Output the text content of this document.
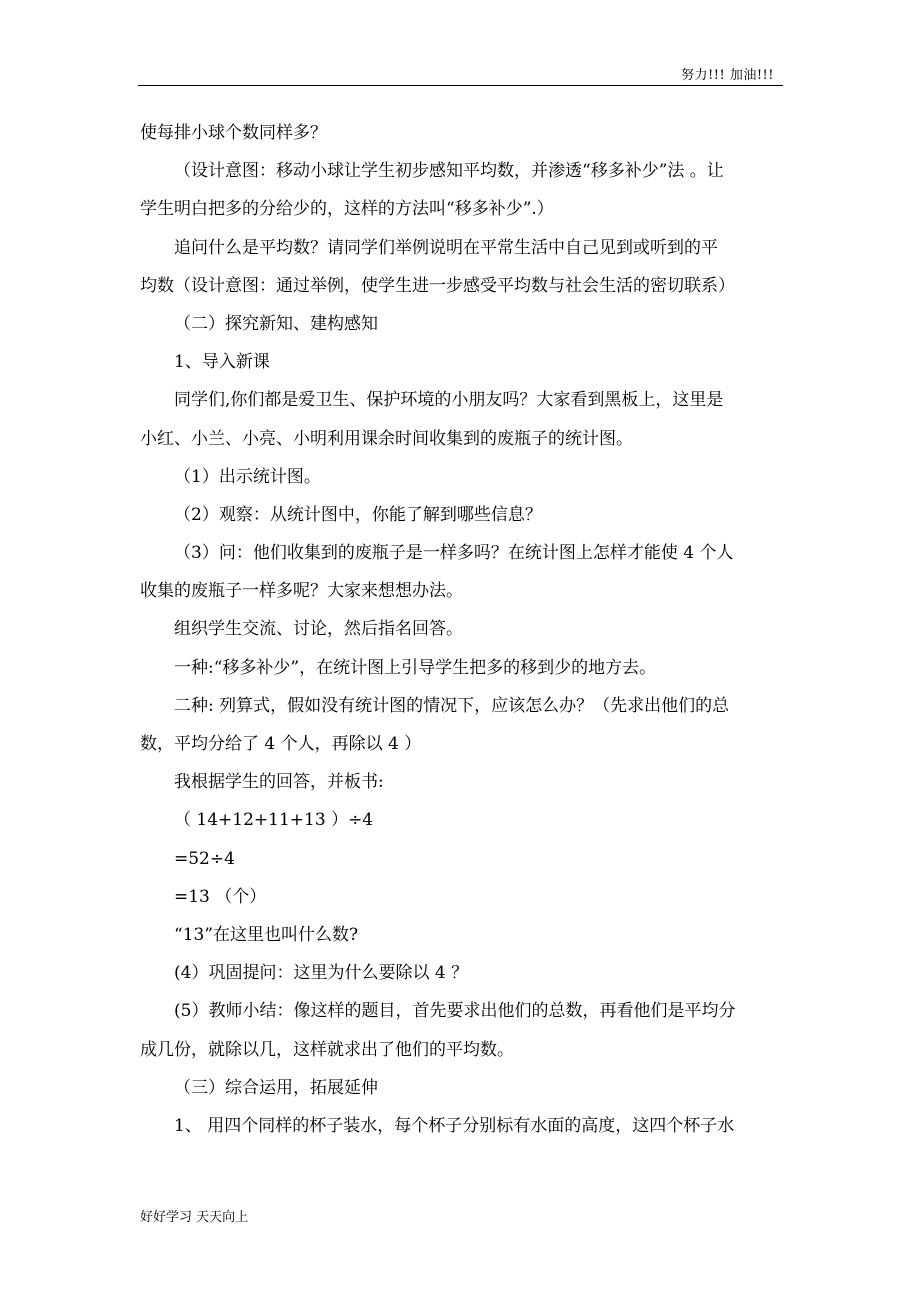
努力!!! 加油!!!
使每排小球个数同样多？
（设计意图：移动小球让学生初步感知平均数，并渗透“移多补少”法 。让
学生明白把多的分给少的，这样的方法叫“移多补少”.）
追问什么是平均数？请同学们举例说明在平常生活中自己见到或听到的平
均数（设计意图：通过举例，使学生进一步感受平均数与社会生活的密切联系）
（二）探究新知、建构感知
1、导入新课
同学们,你们都是爱卫生、保护环境的小朋友吗？大家看到黑板上，这里是
小红、小兰、小亮、小明利用课余时间收集到的废瓶子的统计图。
（1）出示统计图。
（2）观察：从统计图中，你能了解到哪些信息？
（3）问：他们收集到的废瓶子是一样多吗？在统计图上怎样才能使 4 个人
收集的废瓶子一样多呢？大家来想想办法。
组织学生交流、讨论，然后指名回答。
一种:“移多补少”，在统计图上引导学生把多的移到少的地方去。
二种: 列算式，假如没有统计图的情况下，应该怎么办？（先求出他们的总
数，平均分给了 4 个人，再除以 4 ）
我根据学生的回答，并板书:
（ 14+12+11+13 ）÷4
=52÷4
=13 （个）
“13”在这里也叫什么数?
(4）巩固提问：这里为什么要除以 4 ？
(5）教师小结：像这样的题目，首先要求出他们的总数，再看他们是平均分
成几份，就除以几，这样就求出了他们的平均数。
（三）综合运用，拓展延伸
1、 用四个同样的杯子装水，每个杯子分别标有水面的高度，这四个杯子水
好好学习 天天向上
